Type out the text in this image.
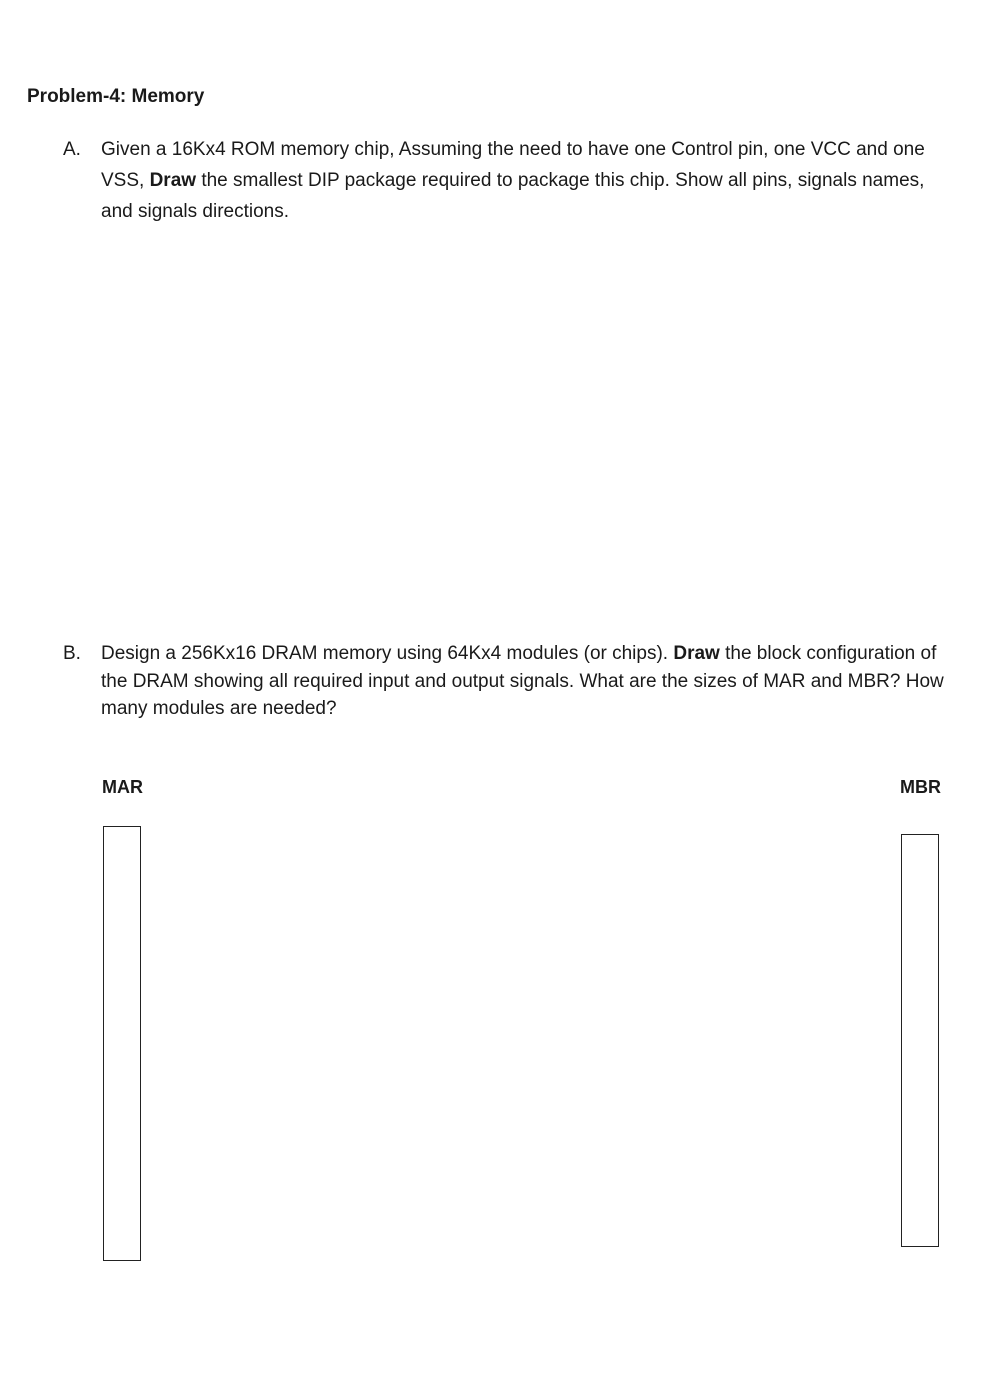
Problem-4: Memory
A. Given a 16Kx4 ROM memory chip, Assuming the need to have one Control pin, one VCC and one VSS, Draw the smallest DIP package required to package this chip. Show all pins, signals names, and signals directions.
B. Design a 256Kx16 DRAM memory using 64Kx4 modules (or chips). Draw the block configuration of the DRAM showing all required input and output signals. What are the sizes of MAR and MBR? How many modules are needed?
MAR	MBR
